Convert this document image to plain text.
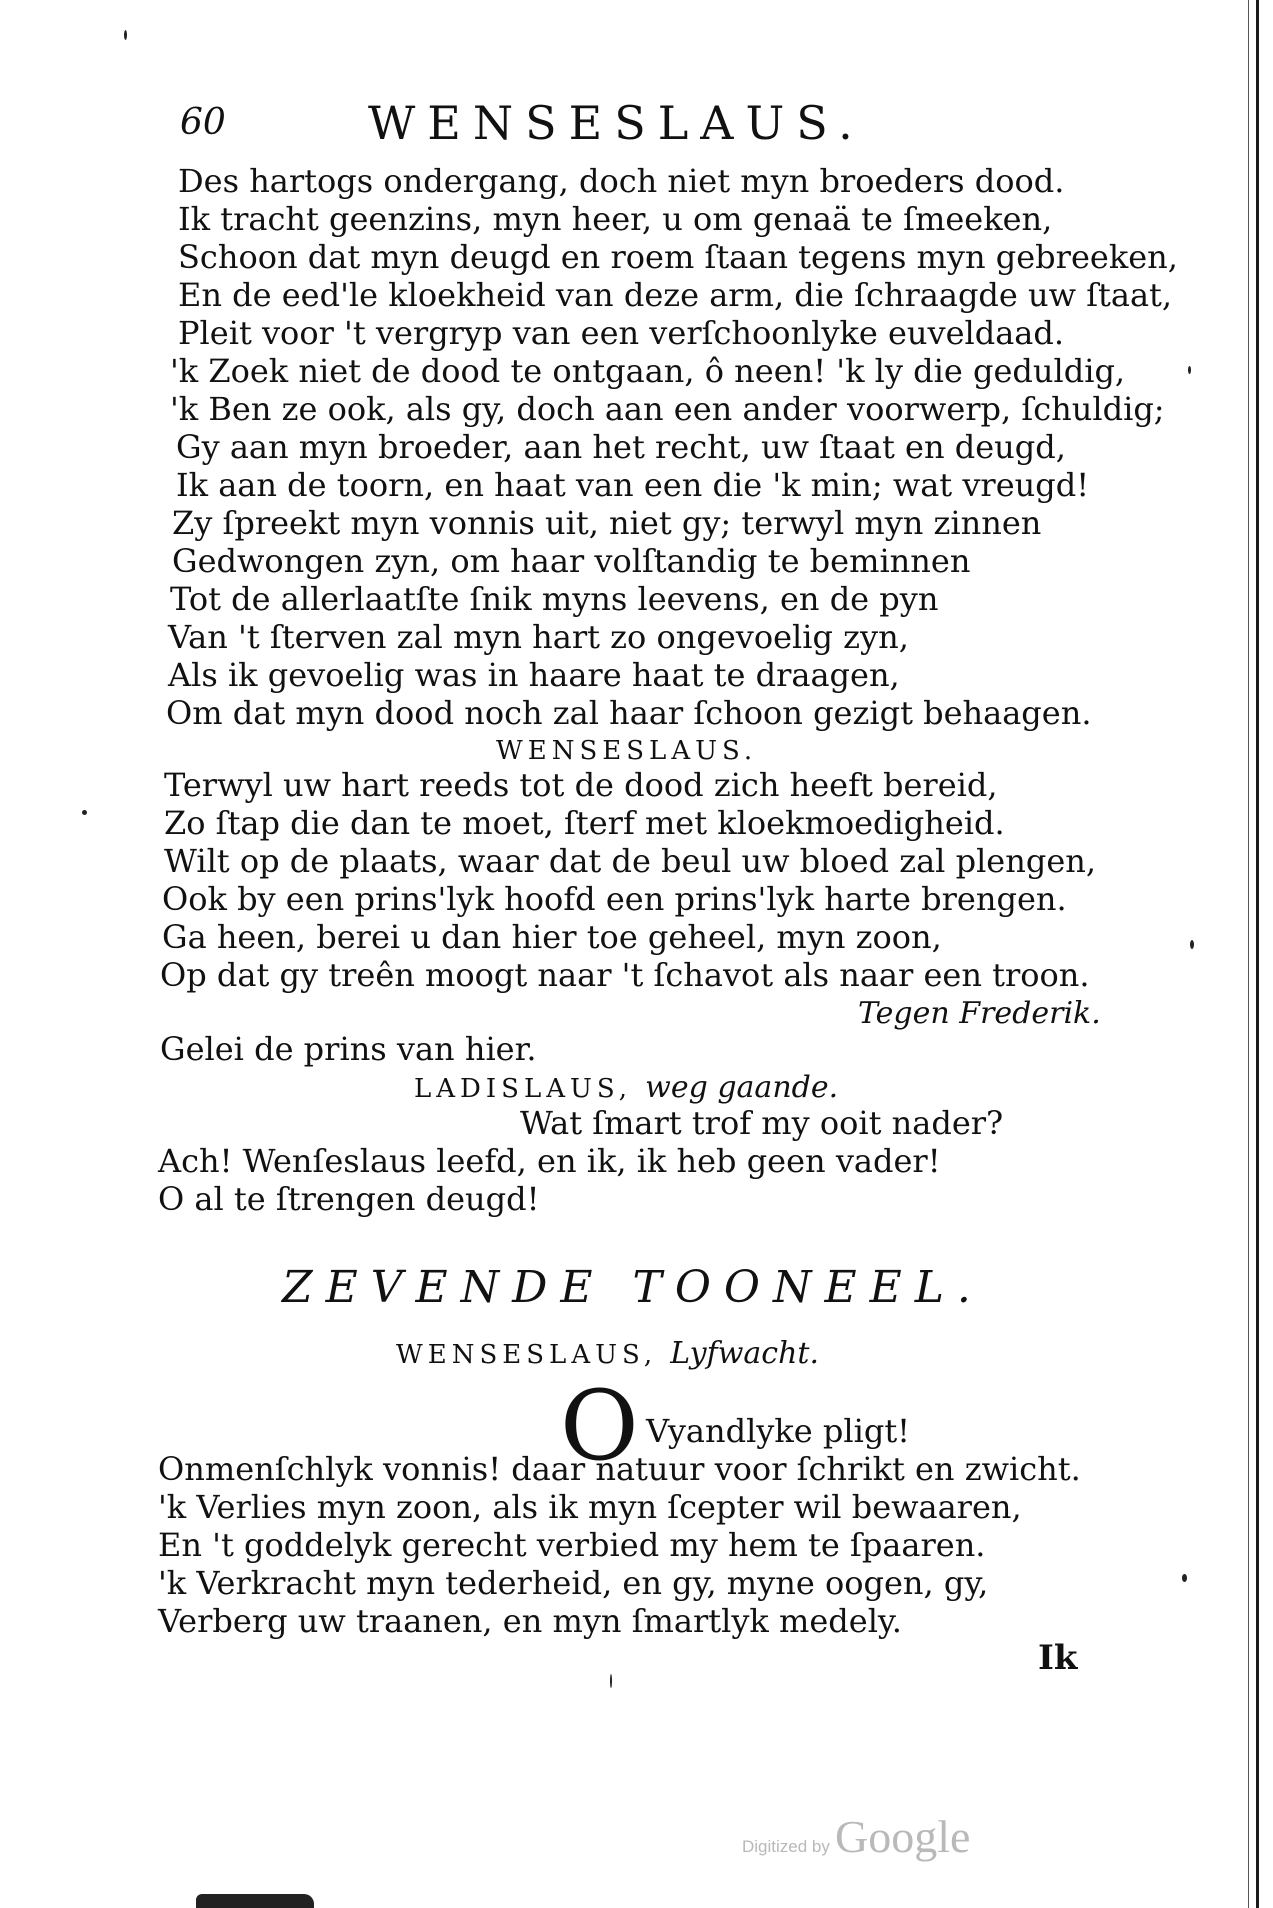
60	WENSESLAUS.
Des hartogs ondergang, doch niet myn broeders dood.
Ik tracht geenzins, myn heer, u om genaä te ſmeeken,
Schoon dat myn deugd en roem ſtaan tegens myn gebreeken,
En de eed'le kloekheid van deze arm, die ſchraagde uw ſtaat,
Pleit voor 't vergryp van een verſchoonlyke euveldaad.
'k Zoek niet de dood te ontgaan, ô neen! 'k ly die geduldig,
'k Ben ze ook, als gy, doch aan een ander voorwerp, ſchuldig;
Gy aan myn broeder, aan het recht, uw ſtaat en deugd,
Ik aan de toorn, en haat van een die 'k min; wat vreugd!
Zy ſpreekt myn vonnis uit, niet gy; terwyl myn zinnen
Gedwongen zyn, om haar volſtandig te beminnen
Tot de allerlaatſte ſnik myns leevens, en de pyn
Van 't ſterven zal myn hart zo ongevoelig zyn,
Als ik gevoelig was in haare haat te draagen,
Om dat myn dood noch zal haar ſchoon gezigt behaagen.
WENSESLAUS.
Terwyl uw hart reeds tot de dood zich heeft bereid,
Zo ſtap die dan te moet, ſterf met kloekmoedigheid.
Wilt op de plaats, waar dat de beul uw bloed zal plengen,
Ook by een prins'lyk hoofd een prins'lyk harte brengen.
Ga heen, berei u dan hier toe geheel, myn zoon,
Op dat gy treên moogt naar 't ſchavot als naar een troon.
Tegen Frederik.
Gelei de prins van hier.
LADISLAUS, weg gaande.
Wat ſmart trof my ooit nader?
Ach! Wenſeslaus leefd, en ik, ik heb geen vader!
O al te ſtrengen deugd!
ZEVENDE TOONEEL.
WENSESLAUS, Lyfwacht.
O Vyandlyke pligt!
Onmenſchlyk vonnis! daar natuur voor ſchrikt en zwicht.
'k Verlies myn zoon, als ik myn ſcepter wil bewaaren,
En 't goddelyk gerecht verbied my hem te ſpaaren.
'k Verkracht myn tederheid, en gy, myne oogen, gy,
Verberg uw traanen, en myn ſmartlyk medely.
Ik
Digitized by Google
